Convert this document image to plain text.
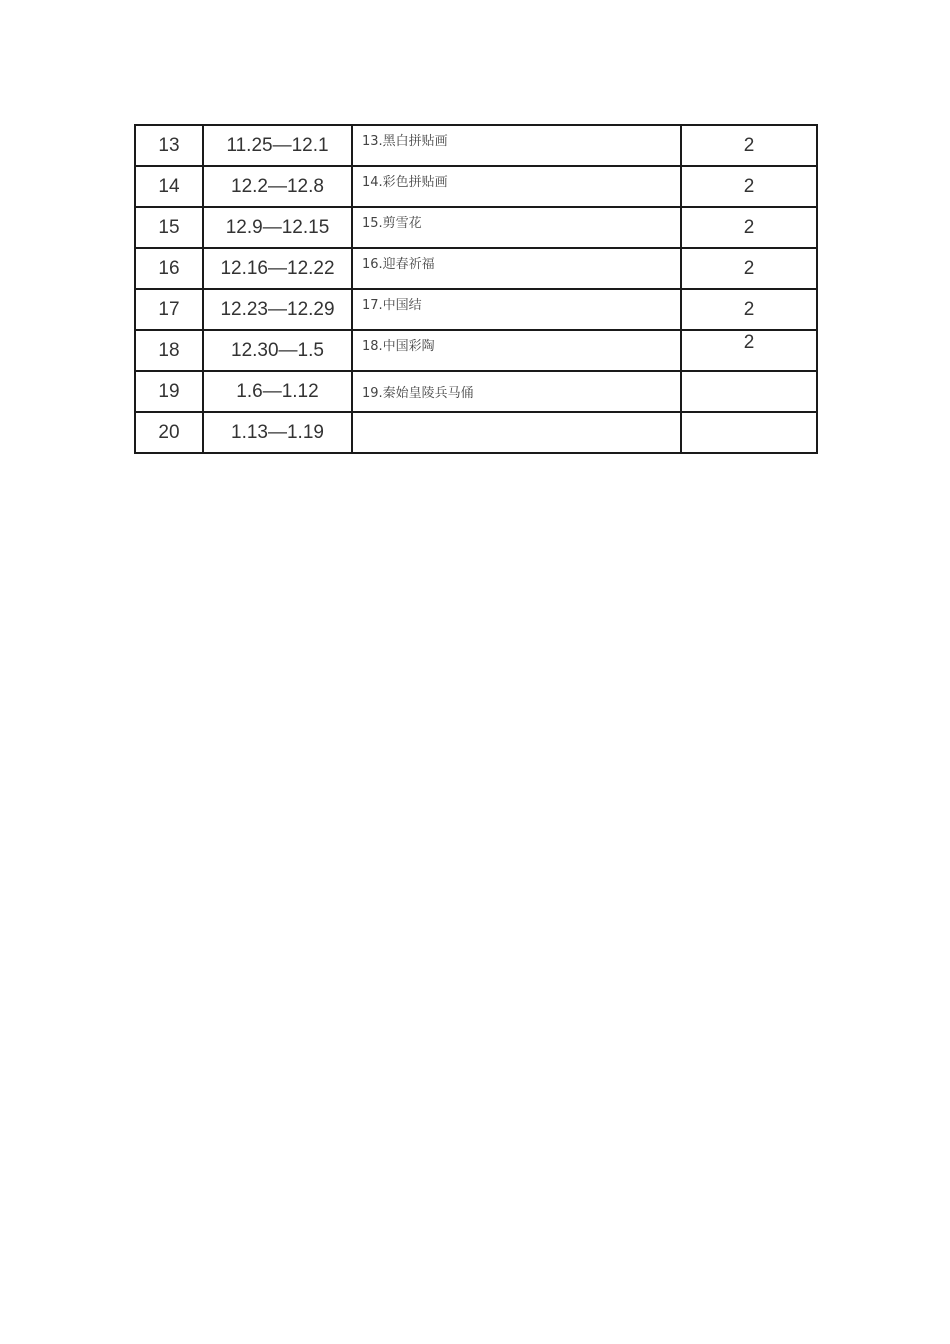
13	11.25—12.1	13.黑白拼贴画	2
14	12.2—12.8	14.彩色拼贴画	2
15	12.9—12.15	15.剪雪花	2
16	12.16—12.22	16.迎春祈福	2
17	12.23—12.29	17.中国结	2
18	12.30—1.5	18.中国彩陶	2
19	1.6—1.12	19.秦始皇陵兵马俑	
20	1.13—1.19		
